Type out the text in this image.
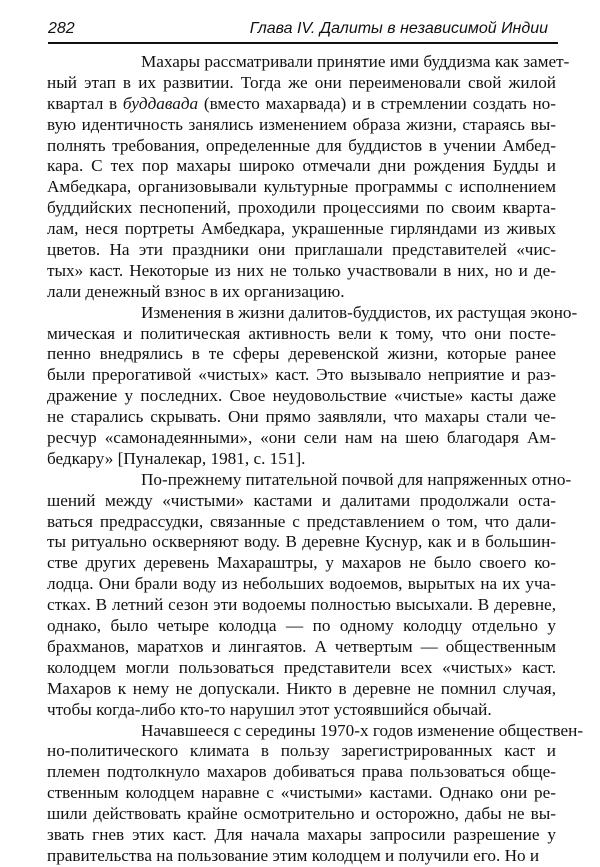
282	Глава IV. Далиты в независимой Индии
Махары рассматривали принятие ими буддизма как замет-
ный этап в их развитии. Тогда же они переименовали свой жилой
квартал в буддавада (вместо махарвада) и в стремлении создать но-
вую идентичность занялись изменением образа жизни, стараясь вы-
полнять требования, определенные для буддистов в учении Амбед-
кара. С тех пор махары широко отмечали дни рождения Будды и
Амбедкара, организовывали культурные программы с исполнением
буддийских песнопений, проходили процессиями по своим кварта-
лам, неся портреты Амбедкара, украшенные гирляндами из живых
цветов. На эти праздники они приглашали представителей «чис-
тых» каст. Некоторые из них не только участвовали в них, но и де-
лали денежный взнос в их организацию.
Изменения в жизни далитов-буддистов, их растущая эконо-
мическая и политическая активность вели к тому, что они посте-
пенно внедрялись в те сферы деревенской жизни, которые ранее
были прерогативой «чистых» каст. Это вызывало неприятие и раз-
дражение у последних. Свое неудовольствие «чистые» касты даже
не старались скрывать. Они прямо заявляли, что махары стали че-
ресчур «самонадеянными», «они сели нам на шею благодаря Ам-
бедкару» [Пуналекар, 1981, с. 151].
По-прежнему питательной почвой для напряженных отно-
шений между «чистыми» кастами и далитами продолжали оста-
ваться предрассудки, связанные с представлением о том, что дали-
ты ритуально оскверняют воду. В деревне Куснур, как и в большин-
стве других деревень Махараштры, у махаров не было своего ко-
лодца. Они брали воду из небольших водоемов, вырытых на их уча-
стках. В летний сезон эти водоемы полностью высыхали. В деревне,
однако, было четыре колодца — по одному колодцу отдельно у
брахманов, маратхов и лингаятов. А четвертым — общественным
колодцем могли пользоваться представители всех «чистых» каст.
Махаров к нему не допускали. Никто в деревне не помнил случая,
чтобы когда-либо кто-то нарушил этот устоявшийся обычай.
Начавшееся с середины 1970-х годов изменение обществен-
но-политического климата в пользу зарегистрированных каст и
племен подтолкнуло махаров добиваться права пользоваться обще-
ственным колодцем наравне с «чистыми» кастами. Однако они ре-
шили действовать крайне осмотрительно и осторожно, дабы не вы-
звать гнев этих каст. Для начала махары запросили разрешение у
правительства на пользование этим колодцем и получили его. Но и
